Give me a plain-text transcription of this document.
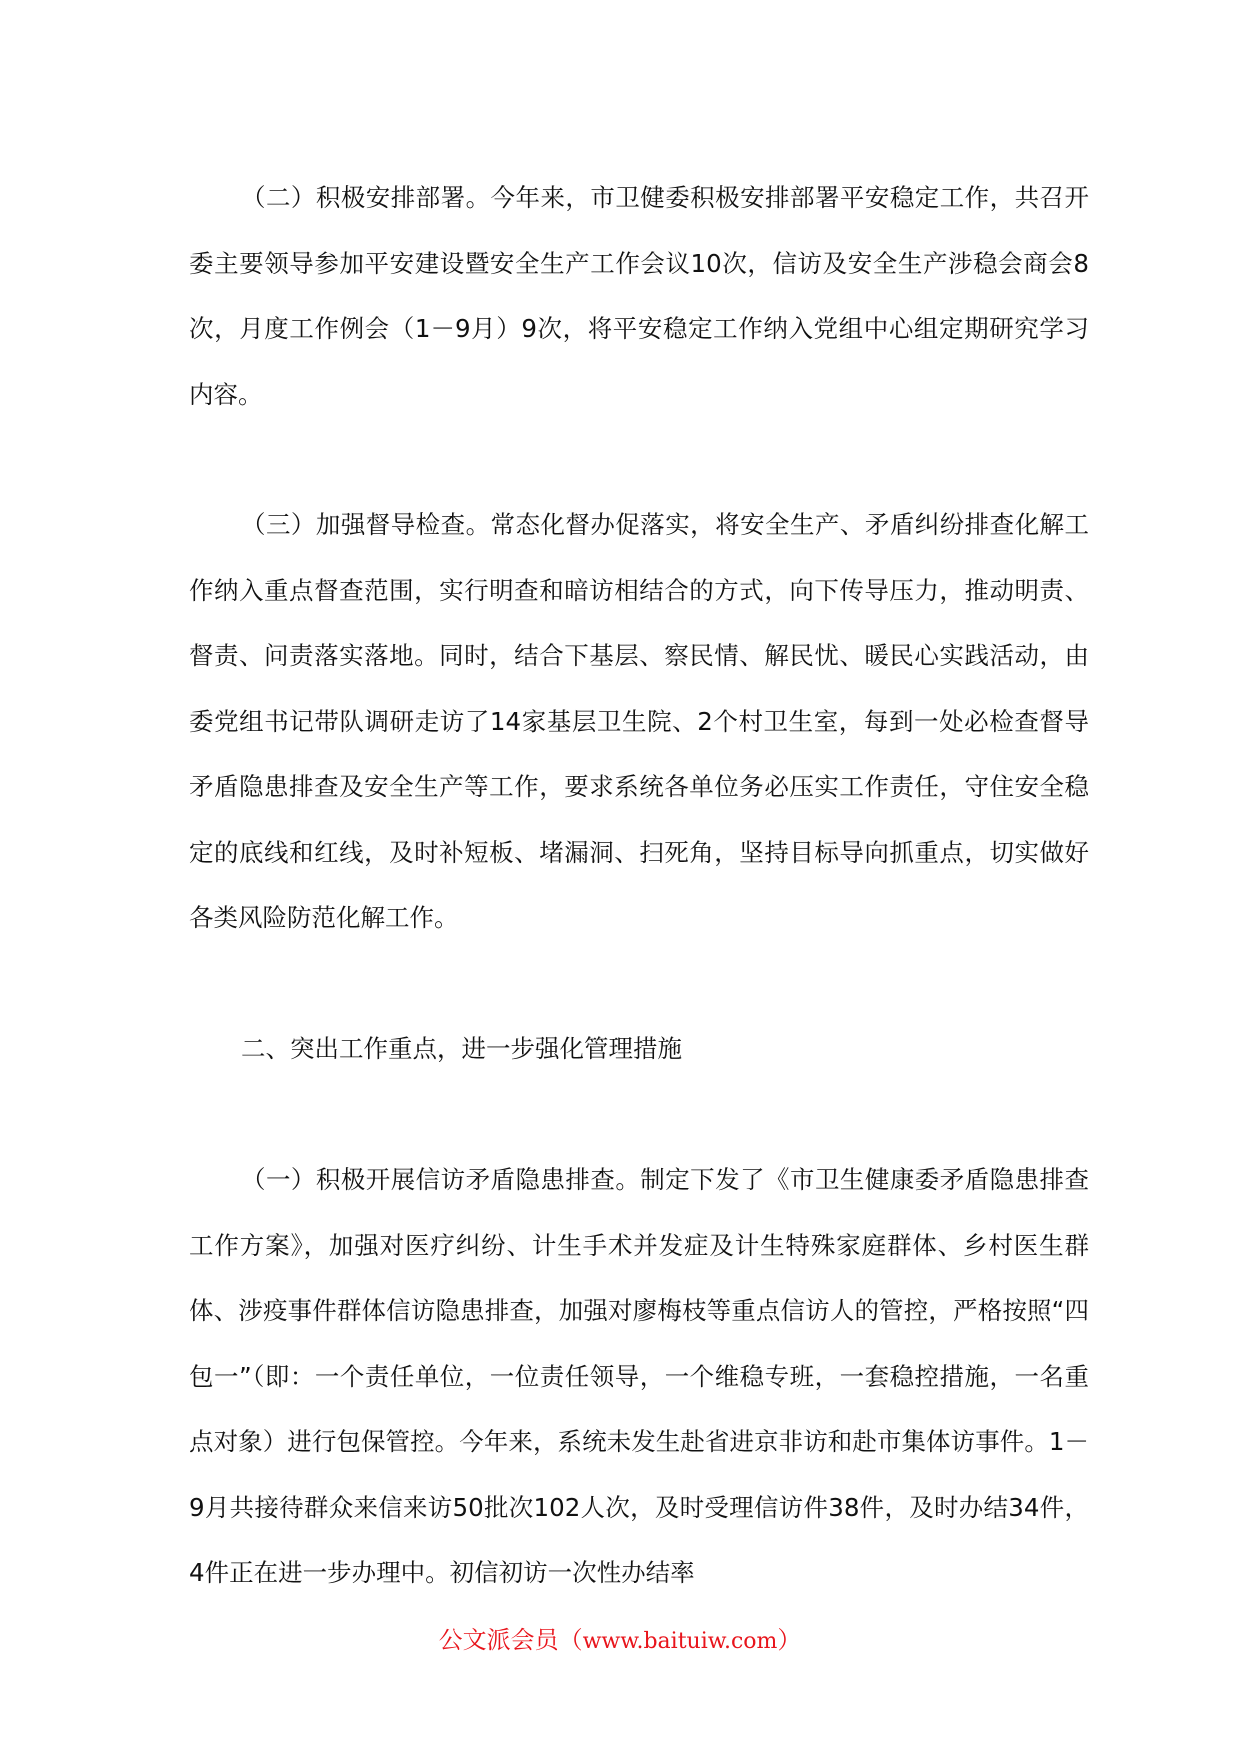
（二）积极安排部署。今年来，市卫健委积极安排部署平安稳定工作，共召开委主要领导参加平安建设暨安全生产工作会议10次，信访及安全生产涉稳会商会8次，月度工作例会（1－9月）9次，将平安稳定工作纳入党组中心组定期研究学习内容。

（三）加强督导检查。常态化督办促落实，将安全生产、矛盾纠纷排查化解工作纳入重点督查范围，实行明查和暗访相结合的方式，向下传导压力，推动明责、督责、问责落实落地。同时，结合下基层、察民情、解民忧、暖民心实践活动，由委党组书记带队调研走访了14家基层卫生院、2个村卫生室，每到一处必检查督导矛盾隐患排查及安全生产等工作，要求系统各单位务必压实工作责任，守住安全稳定的底线和红线，及时补短板、堵漏洞、扫死角，坚持目标导向抓重点，切实做好各类风险防范化解工作。

二、突出工作重点，进一步强化管理措施

（一）积极开展信访矛盾隐患排查。制定下发了《市卫生健康委矛盾隐患排查工作方案》，加强对医疗纠纷、计生手术并发症及计生特殊家庭群体、乡村医生群体、涉疫事件群体信访隐患排查，加强对廖梅枝等重点信访人的管控，严格按照“四包一”（即：一个责任单位，一位责任领导，一个维稳专班，一套稳控措施，一名重点对象）进行包保管控。今年来，系统未发生赴省进京非访和赴市集体访事件。1－9月共接待群众来信来访50批次102人次，及时受理信访件38件，及时办结34件，4件正在进一步办理中。初信初访一次性办结率

公文派会员（www.baituiw.com）
